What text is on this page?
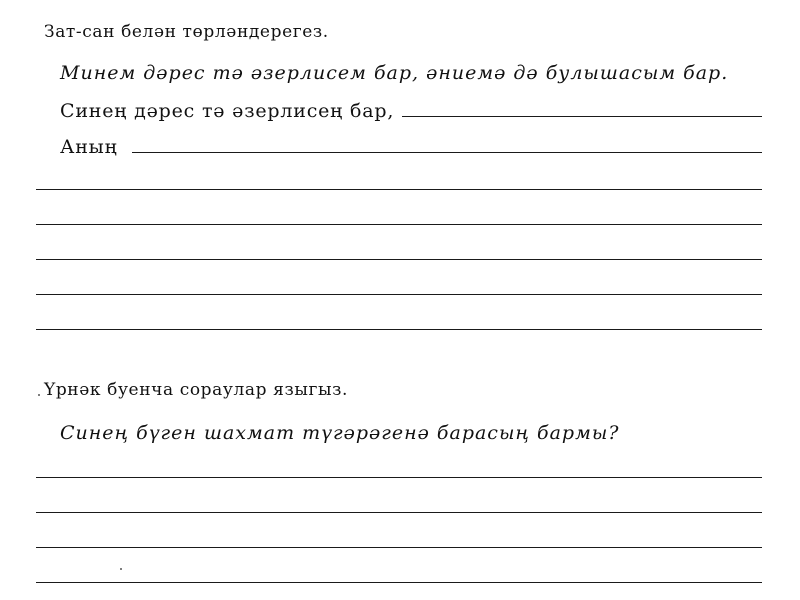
Зат-сан белән төрләндерегез.
Минем дәрес тә әзерлисем бар, әниемә дә булышасым бар.
Синең дәрес тә әзерлисең бар,
Аның
Үрнәк буенча сораулар языгыз.
Синең бүген шахмат түгәрәгенә барасың бармы?
